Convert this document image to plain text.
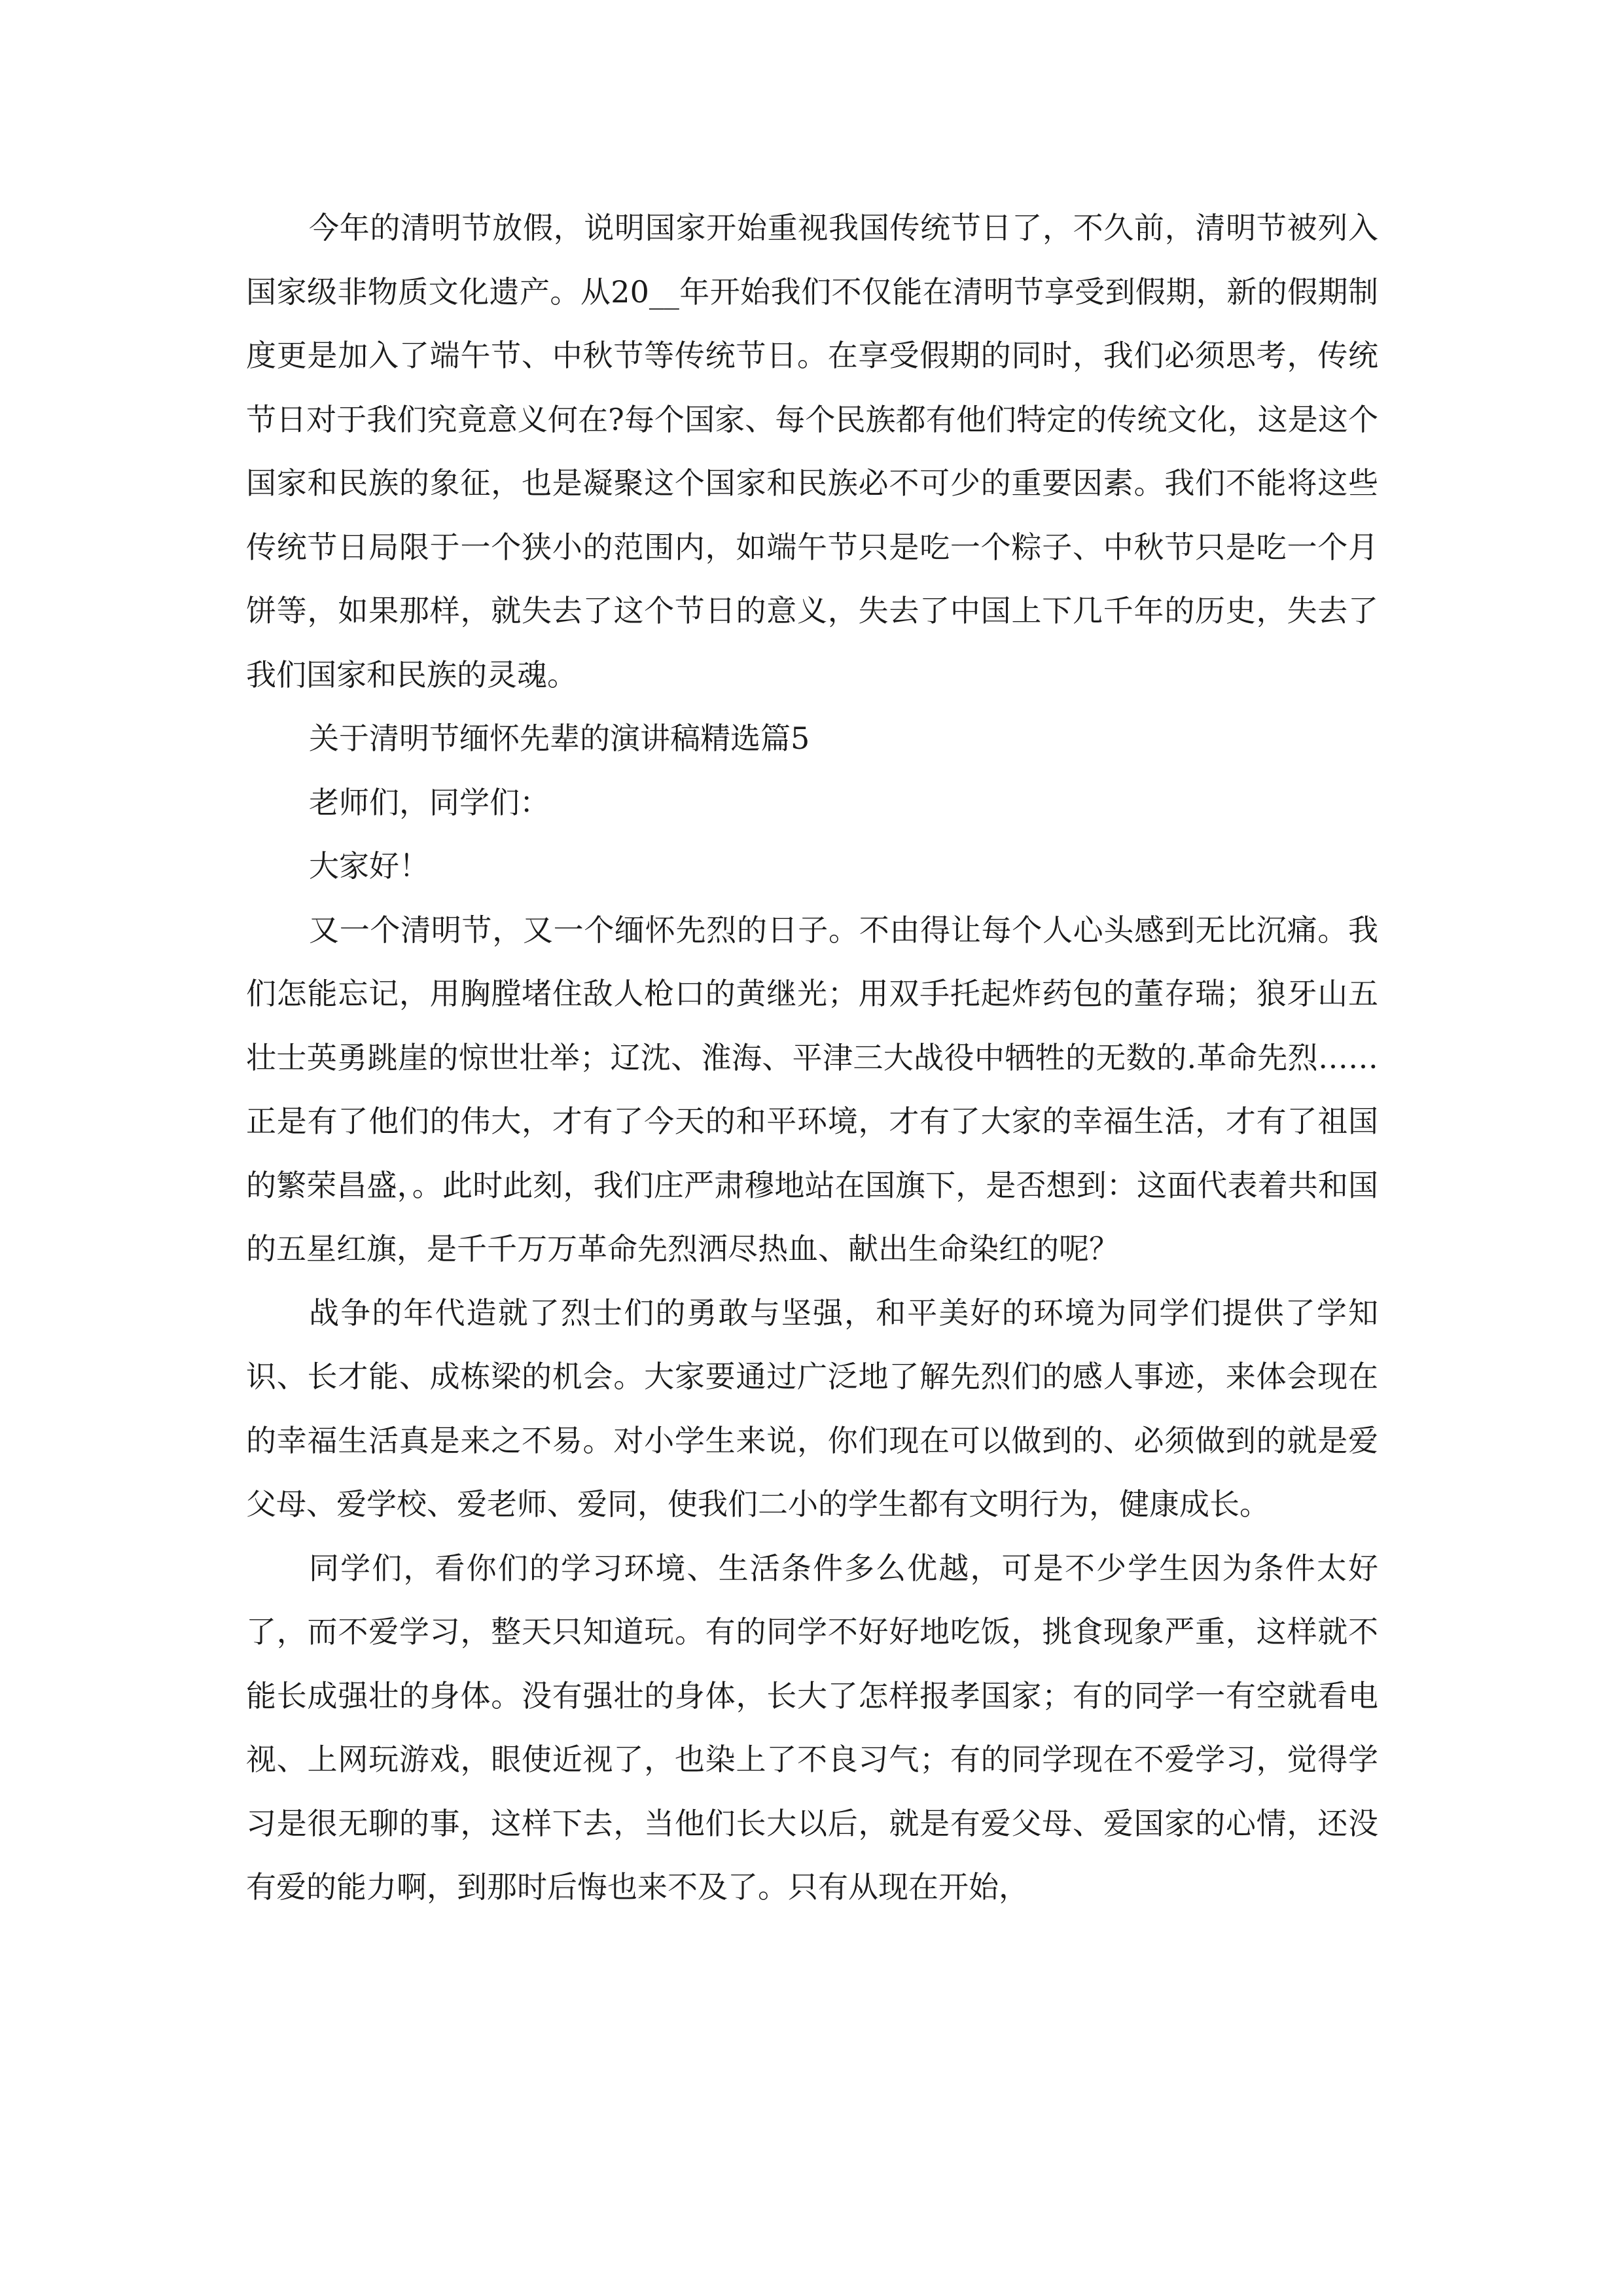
今年的清明节放假，说明国家开始重视我国传统节日了，不久前，清明节被列入国家级非物质文化遗产。从20__年开始我们不仅能在清明节享受到假期，新的假期制度更是加入了端午节、中秋节等传统节日。在享受假期的同时，我们必须思考，传统节日对于我们究竟意义何在?每个国家、每个民族都有他们特定的传统文化，这是这个国家和民族的象征，也是凝聚这个国家和民族必不可少的重要因素。我们不能将这些传统节日局限于一个狭小的范围内，如端午节只是吃一个粽子、中秋节只是吃一个月饼等，如果那样，就失去了这个节日的意义，失去了中国上下几千年的历史，失去了我们国家和民族的灵魂。

关于清明节缅怀先辈的演讲稿精选篇5

老师们，同学们：

大家好！

又一个清明节，又一个缅怀先烈的日子。不由得让每个人心头感到无比沉痛。我们怎能忘记，用胸膛堵住敌人枪口的黄继光；用双手托起炸药包的董存瑞；狼牙山五壮士英勇跳崖的惊世壮举；辽沈、淮海、平津三大战役中牺牲的无数的.革命先烈……正是有了他们的伟大，才有了今天的和平环境，才有了大家的幸福生活，才有了祖国的繁荣昌盛，。此时此刻，我们庄严肃穆地站在国旗下，是否想到：这面代表着共和国的五星红旗，是千千万万革命先烈洒尽热血、献出生命染红的呢？

战争的年代造就了烈士们的勇敢与坚强，和平美好的环境为同学们提供了学知识、长才能、成栋梁的机会。大家要通过广泛地了解先烈们的感人事迹，来体会现在的幸福生活真是来之不易。对小学生来说，你们现在可以做到的、必须做到的就是爱父母、爱学校、爱老师、爱同，使我们二小的学生都有文明行为，健康成长。

同学们，看你们的学习环境、生活条件多么优越，可是不少学生因为条件太好了，而不爱学习，整天只知道玩。有的同学不好好地吃饭，挑食现象严重，这样就不能长成强壮的身体。没有强壮的身体，长大了怎样报孝国家；有的同学一有空就看电视、上网玩游戏，眼使近视了，也染上了不良习气；有的同学现在不爱学习，觉得学习是很无聊的事，这样下去，当他们长大以后，就是有爱父母、爱国家的心情，还没有爱的能力啊，到那时后悔也来不及了。只有从现在开始，
